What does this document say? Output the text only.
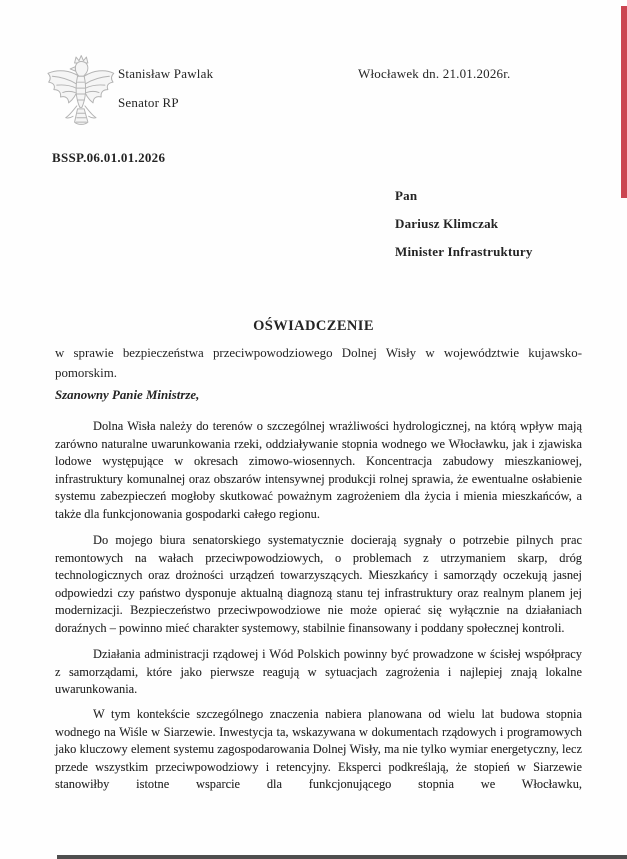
Stanisław Pawlak
Senator RP
Włocławek dn. 21.01.2026r.
BSSP.06.01.01.2026
Pan
Dariusz Klimczak
Minister Infrastruktury
OŚWIADCZENIE

w sprawie bezpieczeństwa przeciwpowodziowego Dolnej Wisły w województwie kujawsko-pomorskim.

Szanowny Panie Ministrze,

Dolna Wisła należy do terenów o szczególnej wrażliwości hydrologicznej, na którą wpływ mają zarówno naturalne uwarunkowania rzeki, oddziaływanie stopnia wodnego we Włocławku, jak i zjawiska lodowe występujące w okresach zimowo-wiosennych. Koncentracja zabudowy mieszkaniowej, infrastruktury komunalnej oraz obszarów intensywnej produkcji rolnej sprawia, że ewentualne osłabienie systemu zabezpieczeń mogłoby skutkować poważnym zagrożeniem dla życia i mienia mieszkańców, a także dla funkcjonowania gospodarki całego regionu.

Do mojego biura senatorskiego systematycznie docierają sygnały o potrzebie pilnych prac remontowych na wałach przeciwpowodziowych, o problemach z utrzymaniem skarp, dróg technologicznych oraz drożności urządzeń towarzyszących. Mieszkańcy i samorządy oczekują jasnej odpowiedzi czy państwo dysponuje aktualną diagnozą stanu tej infrastruktury oraz realnym planem jej modernizacji. Bezpieczeństwo przeciwpowodziowe nie może opierać się wyłącznie na działaniach doraźnych – powinno mieć charakter systemowy, stabilnie finansowany i poddany społecznej kontroli.

Działania administracji rządowej i Wód Polskich powinny być prowadzone w ścisłej współpracy z samorządami, które jako pierwsze reagują w sytuacjach zagrożenia i najlepiej znają lokalne uwarunkowania.

W tym kontekście szczególnego znaczenia nabiera planowana od wielu lat budowa stopnia wodnego na Wiśle w Siarzewie. Inwestycja ta, wskazywana w dokumentach rządowych i programowych jako kluczowy element systemu zagospodarowania Dolnej Wisły, ma nie tylko wymiar energetyczny, lecz przede wszystkim przeciwpowodziowy i retencyjny. Eksperci podkreślają, że stopień w Siarzewie stanowiłby istotne wsparcie dla funkcjonującego stopnia we Włocławku,
